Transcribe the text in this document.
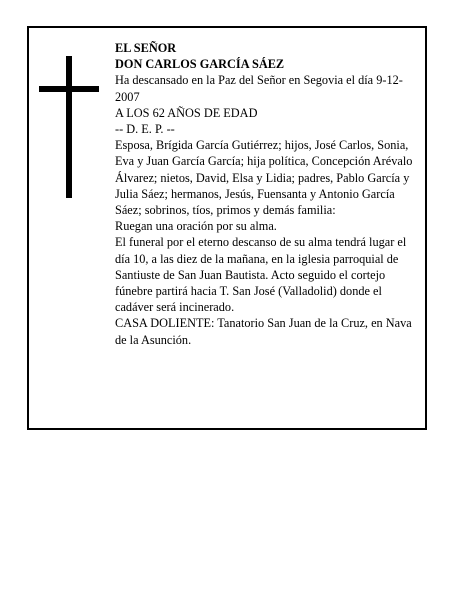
EL SEÑOR

DON CARLOS GARCÍA SÁEZ

Ha descansado en la Paz del Señor en Segovia el día 9-12-2007

A LOS 62 AÑOS DE EDAD

-- D. E. P. --

Esposa, Brígida García Gutiérrez; hijos, José Carlos, Sonia, Eva y Juan García García; hija política, Concepción Arévalo Álvarez; nietos, David, Elsa y Lidia; padres, Pablo García y Julia Sáez; hermanos, Jesús, Fuensanta y Antonio García Sáez; sobrinos, tíos, primos y demás familia:

Ruegan una oración por su alma.

El funeral por el eterno descanso de su alma tendrá lugar el día 10, a las diez de la mañana, en la iglesia parroquial de Santiuste de San Juan Bautista. Acto seguido el cortejo fúnebre partirá hacia T. San José (Valladolid) donde el cadáver será incinerado.

CASA DOLIENTE: Tanatorio San Juan de la Cruz, en Nava de la Asunción.
